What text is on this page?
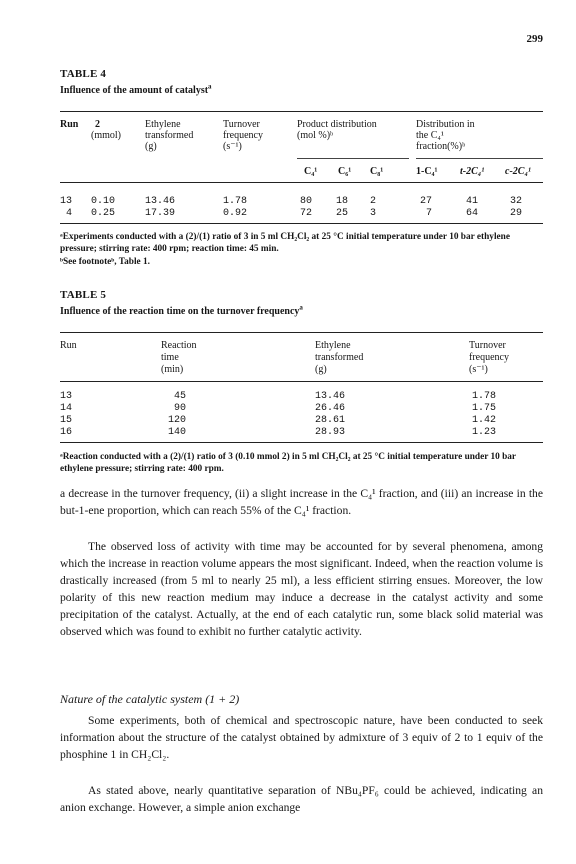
299
TABLE 4
Influence of the amount of catalyst$^a$
Run 2
(mmol)
Ethylene
transformed
(g)
Turnover
frequency
(s⁻¹)
Product distribution
(mol %)ᵇ
Distribution in
the C₄¹
fraction(%)ᵇ
C₄¹ C₆¹ C₈¹	1-C₄¹ t-2C₄¹ c-2C₄¹
13 0.10	13.46	1.78	80 18 2	27	41	32
4 0.25	17.39	0.92	72 25 3	7	64	29
ᵃExperiments conducted with a (2)/(1) ratio of 3 in 5 ml CH₂Cl₂ at 25 °C initial temperature under 10 bar ethylene pressure; stirring rate: 400 rpm; reaction time: 45 min.
ᵇSee footnoteᵇ, Table 1.
TABLE 5
Influence of the reaction time on the turnover frequency$^a$
Run	Reaction
time
(min)
Ethylene
transformed
(g)
Turnover
frequency
(s⁻¹)
13	45	13.46	1.78
14	90	26.46	1.75
15	120	28.61	1.42
16	140	28.93	1.23
ᵃReaction conducted with a (2)/(1) ratio of 3 (0.10 mmol 2) in 5 ml CH₂Cl₂ at 25 °C initial temperature under 10 bar ethylene pressure; stirring rate: 400 rpm.

a decrease in the turnover frequency, (ii) a slight increase in the C₄¹ fraction, and (iii) an increase in the but-1-ene proportion, which can reach 55% of the C₄¹ fraction.

The observed loss of activity with time may be accounted for by several phenomena, among which the increase in reaction volume appears the most significant. Indeed, when the reaction volume is drastically increased (from 5 ml to nearly 25 ml), a less efficient stirring ensues. Moreover, the low polarity of this new reaction medium may induce a decrease in the catalyst activity and some precipitation of the catalyst. Actually, at the end of each catalytic run, some black solid material was observed which was found to exhibit no further catalytic activity.

Nature of the catalytic system (1 + 2)

Some experiments, both of chemical and spectroscopic nature, have been conducted to seek information about the structure of the catalyst obtained by admixture of 3 equiv of 2 to 1 equiv of the phosphine 1 in CH₂Cl₂.

As stated above, nearly quantitative separation of NBu₄PF₆ could be achieved, indicating an anion exchange. However, a simple anion exchange
